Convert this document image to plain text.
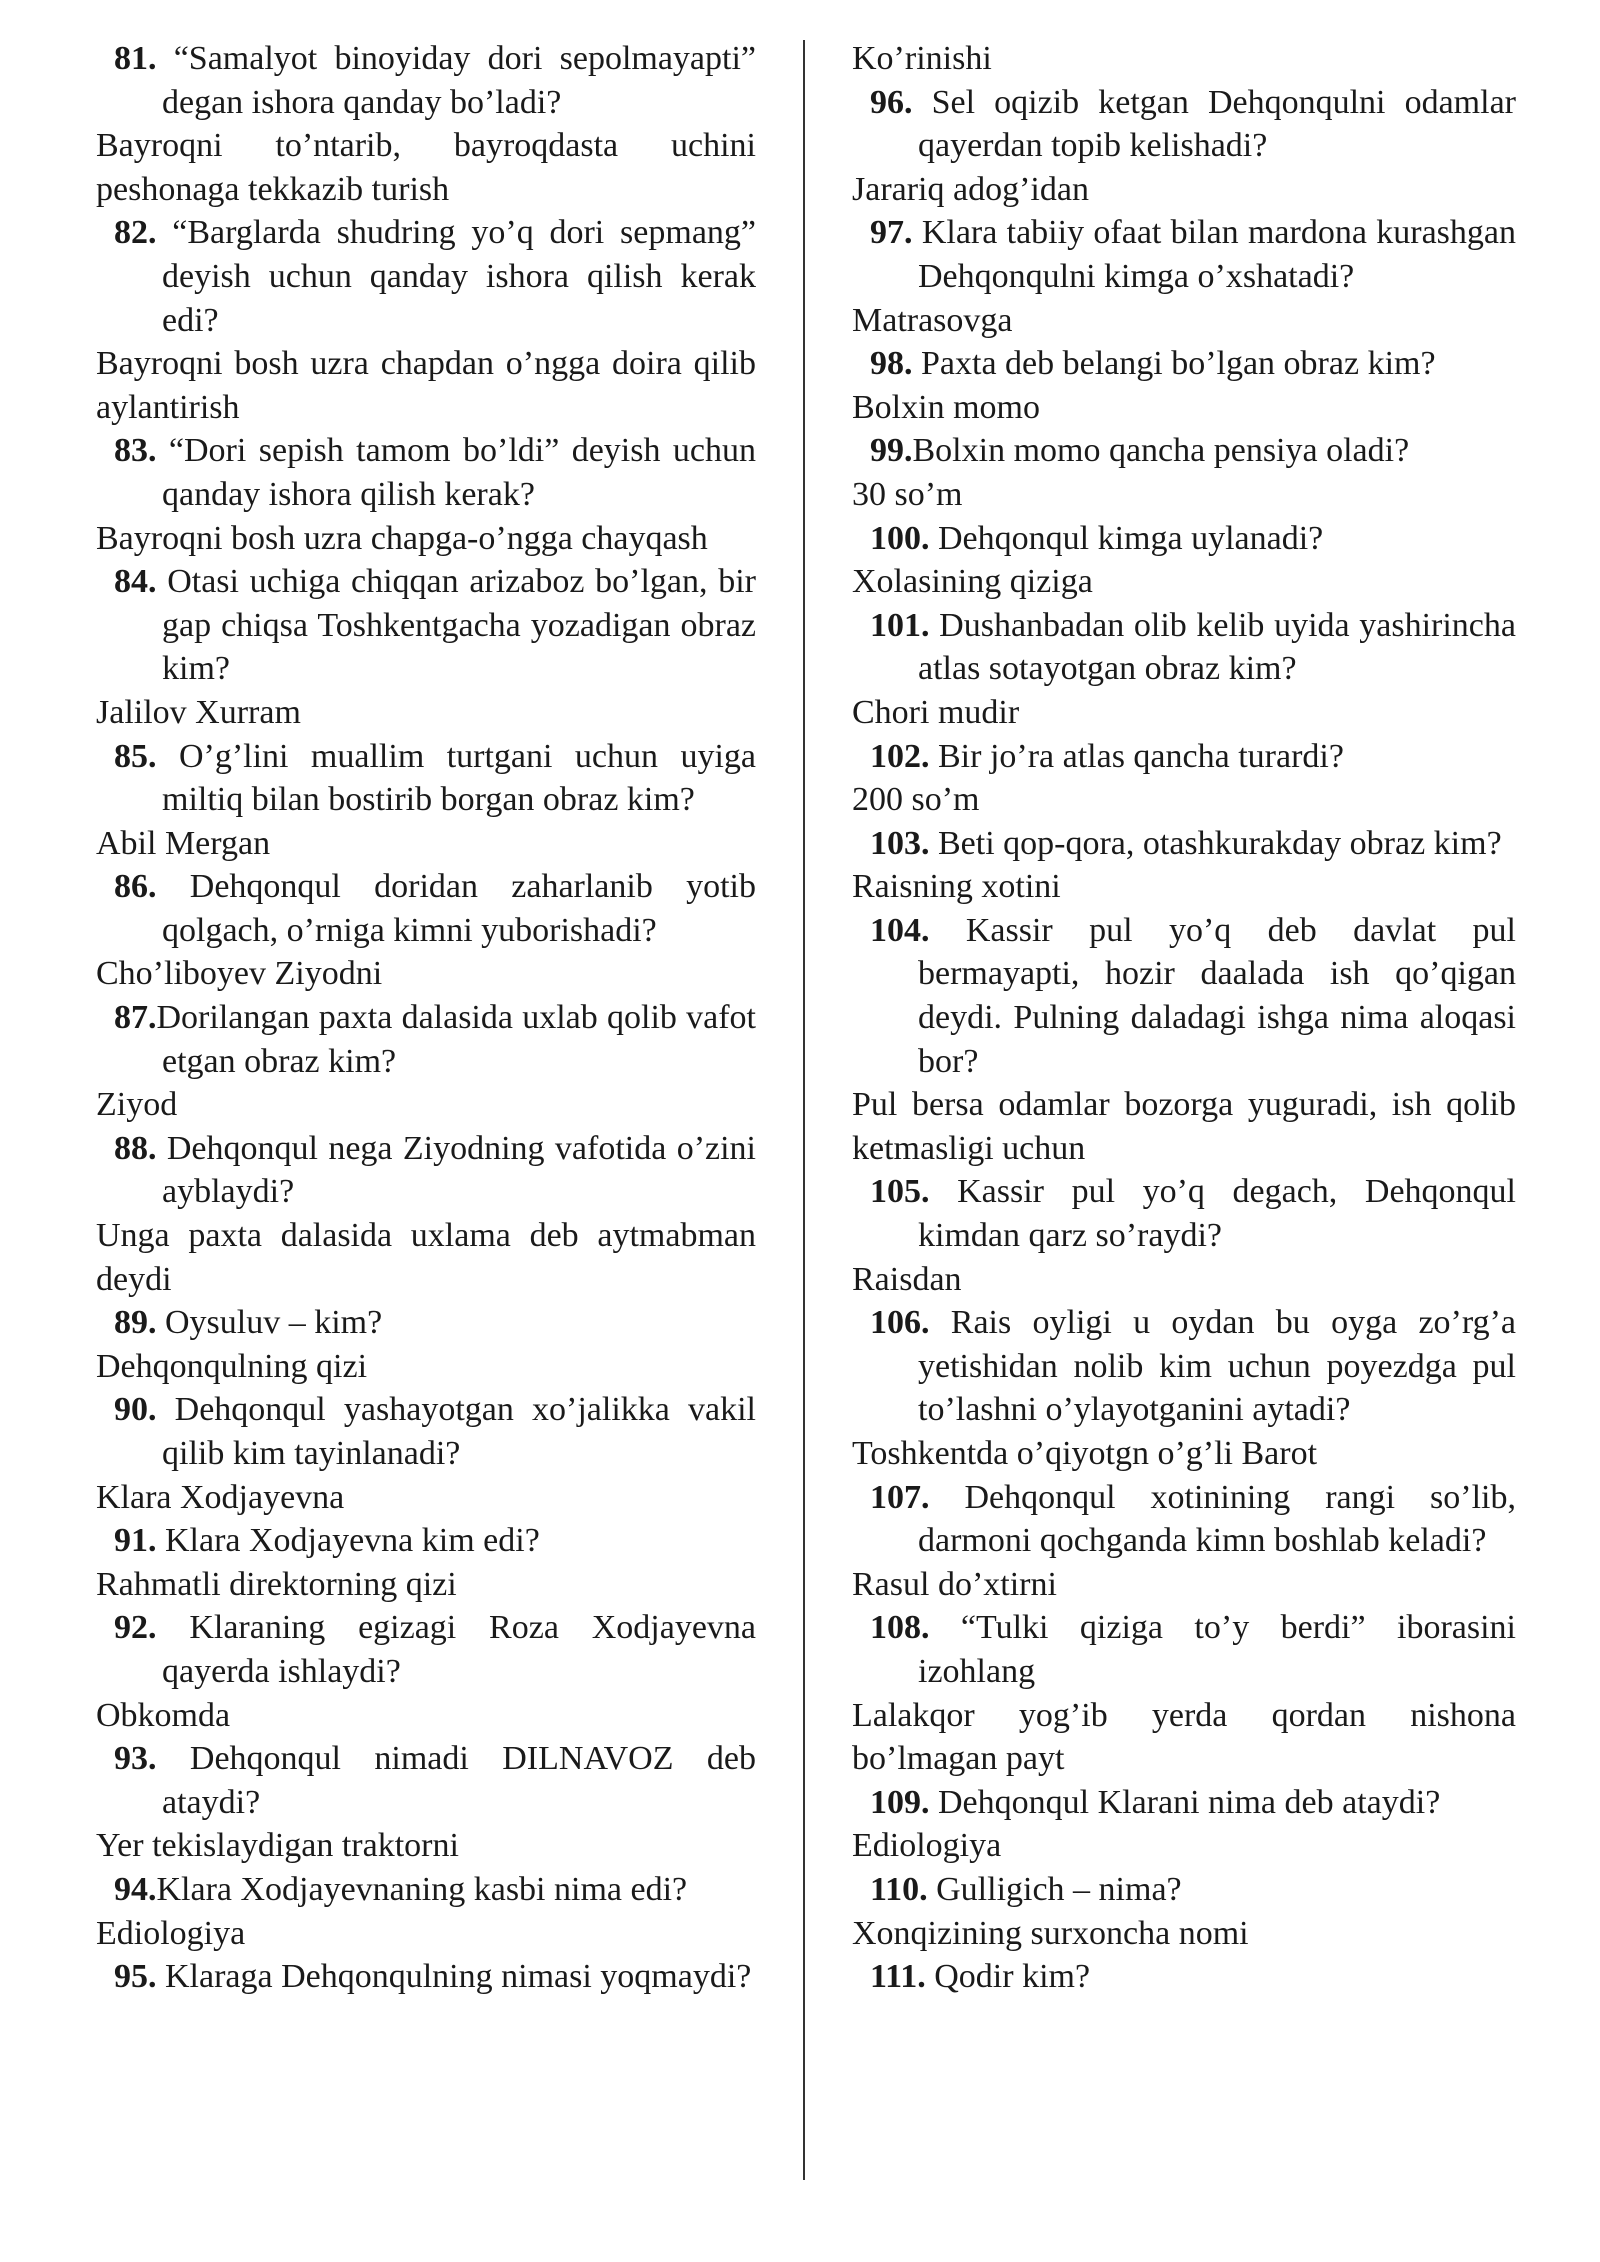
81. “Samalyot binoyiday dori sepolmayapti” degan ishora qanday bo’ladi?
Bayroqni to’ntarib, bayroqdasta uchini peshonaga tekkazib turish
82. “Barglarda shudring yo’q dori sepmang” deyish uchun qanday ishora qilish kerak edi?
Bayroqni bosh uzra chapdan o’ngga doira qilib aylantirish
83. “Dori sepish tamom bo’ldi” deyish uchun qanday ishora qilish kerak?
Bayroqni bosh uzra chapga-o’ngga chayqash
84. Otasi uchiga chiqqan arizaboz bo’lgan, bir gap chiqsa Toshkentgacha yozadigan obraz kim?
Jalilov Xurram
85. O’g’lini muallim turtgani uchun uyiga miltiq bilan bostirib borgan obraz kim?
Abil Mergan
86. Dehqonqul doridan zaharlanib yotib qolgach, o’rniga kimni yuborishadi?
Cho’liboyev Ziyodni
87.Dorilangan paxta dalasida uxlab qolib vafot etgan obraz kim?
Ziyod
88. Dehqonqul nega Ziyodning vafotida o’zini ayblaydi?
Unga paxta dalasida uxlama deb aytmabman deydi
89. Oysuluv – kim?
Dehqonqulning qizi
90. Dehqonqul yashayotgan xo’jalikka vakil qilib kim tayinlanadi?
Klara Xodjayevna
91. Klara Xodjayevna kim edi?
Rahmatli direktorning qizi
92. Klaraning egizagi Roza Xodjayevna qayerda ishlaydi?
Obkomda
93. Dehqonqul nimadi DILNAVOZ deb ataydi?
Yer tekislaydigan traktorni
94.Klara Xodjayevnaning kasbi nima edi?
Ediologiya
95. Klaraga Dehqonqulning nimasi yoqmaydi?
Ko’rinishi
96. Sel oqizib ketgan Dehqonqulni odamlar qayerdan topib kelishadi?
Jarariq adog’idan
97. Klara tabiiy ofaat bilan mardona kurashgan Dehqonqulni kimga o’xshatadi?
Matrasovga
98. Paxta deb belangi bo’lgan obraz kim?
Bolxin momo
99.Bolxin momo qancha pensiya oladi?
30 so’m
100. Dehqonqul kimga uylanadi?
Xolasining qiziga
101. Dushanbadan olib kelib uyida yashirincha atlas sotayotgan obraz kim?
Chori mudir
102. Bir jo’ra atlas qancha turardi?
200 so’m
103. Beti qop-qora, otashkurakday obraz kim?
Raisning xotini
104. Kassir pul yo’q deb davlat pul bermayapti, hozir daalada ish qo’qigan deydi. Pulning daladagi ishga nima aloqasi bor?
Pul bersa odamlar bozorga yuguradi, ish qolib ketmasligi uchun
105. Kassir pul yo’q degach, Dehqonqul kimdan qarz so’raydi?
Raisdan
106. Rais oyligi u oydan bu oyga zo’rg’a yetishidan nolib kim uchun poyezdga pul to’lashni o’ylayotganini aytadi?
Toshkentda o’qiyotgn o’g’li Barot
107. Dehqonqul xotinining rangi so’lib, darmoni qochganda kimn boshlab keladi?
Rasul do’xtirni
108. “Tulki qiziga to’y berdi” iborasini izohlang
Lalakqor yog’ib yerda qordan nishona bo’lmagan payt
109. Dehqonqul Klarani nima deb ataydi?
Ediologiya
110. Gulligich – nima?
Xonqizining surxoncha nomi
111. Qodir kim?
